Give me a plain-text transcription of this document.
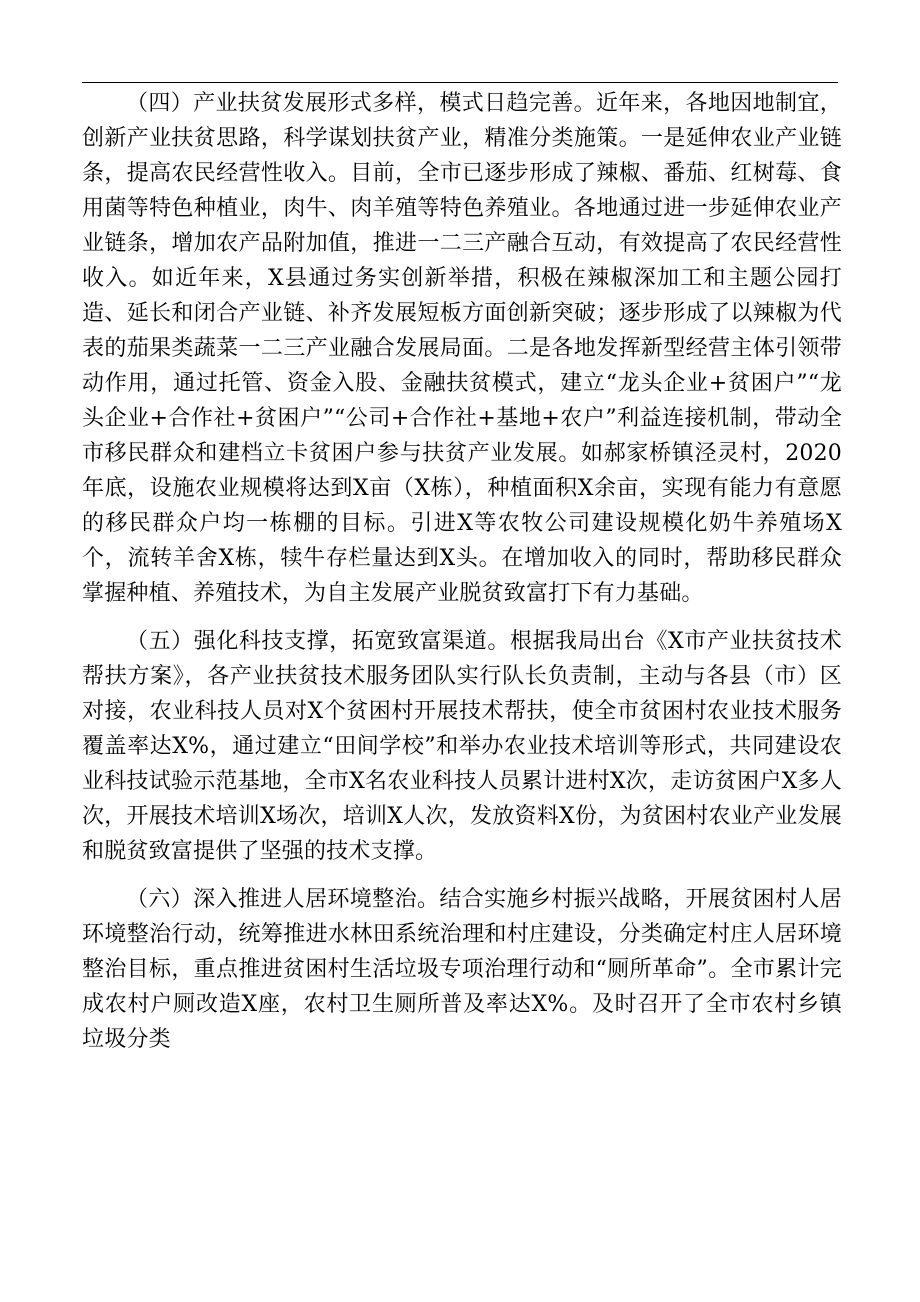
（四）产业扶贫发展形式多样，模式日趋完善。近年来，各地因地制宜，创新产业扶贫思路，科学谋划扶贫产业，精准分类施策。一是延伸农业产业链条，提高农民经营性收入。目前，全市已逐步形成了辣椒、番茄、红树莓、食用菌等特色种植业，肉牛、肉羊殖等特色养殖业。各地通过进一步延伸农业产业链条，增加农产品附加值，推进一二三产融合互动，有效提高了农民经营性收入。如近年来，X县通过务实创新举措，积极在辣椒深加工和主题公园打造、延长和闭合产业链、补齐发展短板方面创新突破；逐步形成了以辣椒为代表的茄果类蔬菜一二三产业融合发展局面。二是各地发挥新型经营主体引领带动作用，通过托管、资金入股、金融扶贫模式，建立“龙头企业+贫困户”“龙头企业+合作社+贫困户”“公司+合作社+基地+农户”利益连接机制，带动全市移民群众和建档立卡贫困户参与扶贫产业发展。如郝家桥镇泾灵村，2020年底，设施农业规模将达到X亩（X栋），种植面积X余亩，实现有能力有意愿的移民群众户均一栋棚的目标。引进X等农牧公司建设规模化奶牛养殖场X个，流转羊舍X栋，犊牛存栏量达到X头。在增加收入的同时，帮助移民群众掌握种植、养殖技术，为自主发展产业脱贫致富打下有力基础。

（五）强化科技支撑，拓宽致富渠道。根据我局出台《X市产业扶贫技术帮扶方案》，各产业扶贫技术服务团队实行队长负责制，主动与各县（市）区对接，农业科技人员对X个贫困村开展技术帮扶，使全市贫困村农业技术服务覆盖率达X%，通过建立“田间学校”和举办农业技术培训等形式，共同建设农业科技试验示范基地，全市X名农业科技人员累计进村X次，走访贫困户X多人次，开展技术培训X场次，培训X人次，发放资料X份，为贫困村农业产业发展和脱贫致富提供了坚强的技术支撑。

（六）深入推进人居环境整治。结合实施乡村振兴战略，开展贫困村人居环境整治行动，统筹推进水林田系统治理和村庄建设，分类确定村庄人居环境整治目标，重点推进贫困村生活垃圾专项治理行动和“厕所革命”。全市累计完成农村户厕改造X座，农村卫生厕所普及率达X%。及时召开了全市农村乡镇垃圾分类
